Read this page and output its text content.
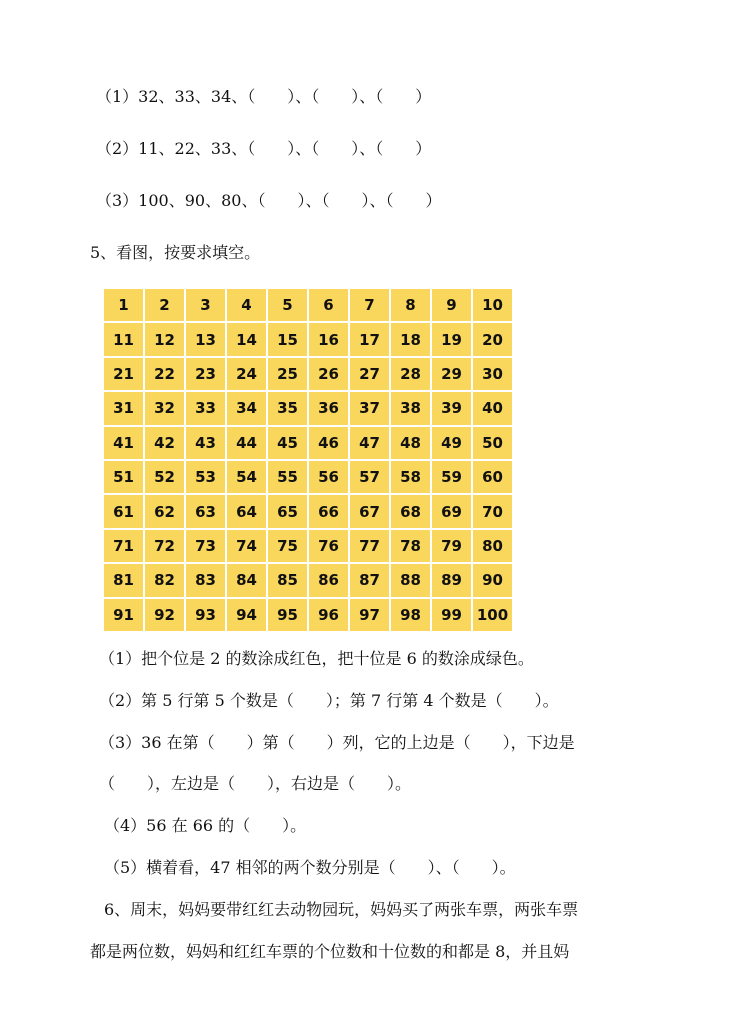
（1）32、33、34、（　　）、（　　）、（　　）
（2）11、22、33、（　　）、（　　）、（　　）
（3）100、90、80、（　　）、（　　）、（　　）
5、看图，按要求填空。
1	2	3	4	5	6	7	8	9	10
11	12	13	14	15	16	17	18	19	20
21	22	23	24	25	26	27	28	29	30
31	32	33	34	35	36	37	38	39	40
41	42	43	44	45	46	47	48	49	50
51	52	53	54	55	56	57	58	59	60
61	62	63	64	65	66	67	68	69	70
71	72	73	74	75	76	77	78	79	80
81	82	83	84	85	86	87	88	89	90
91	92	93	94	95	96	97	98	99 100
（1）把个位是 2 的数涂成红色，把十位是 6 的数涂成绿色。
（2）第 5 行第 5 个数是（　　）；第 7 行第 4 个数是（　　）。
（3）36 在第（　　）第（　　）列，它的上边是（　　），下边是
（　　），左边是（　　），右边是（　　）。
（4）56 在 66 的（　　）。
（5）横着看，47 相邻的两个数分别是（　　）、（　　）。
6、周末，妈妈要带红红去动物园玩，妈妈买了两张车票，两张车票
都是两位数，妈妈和红红车票的个位数和十位数的和都是 8，并且妈
